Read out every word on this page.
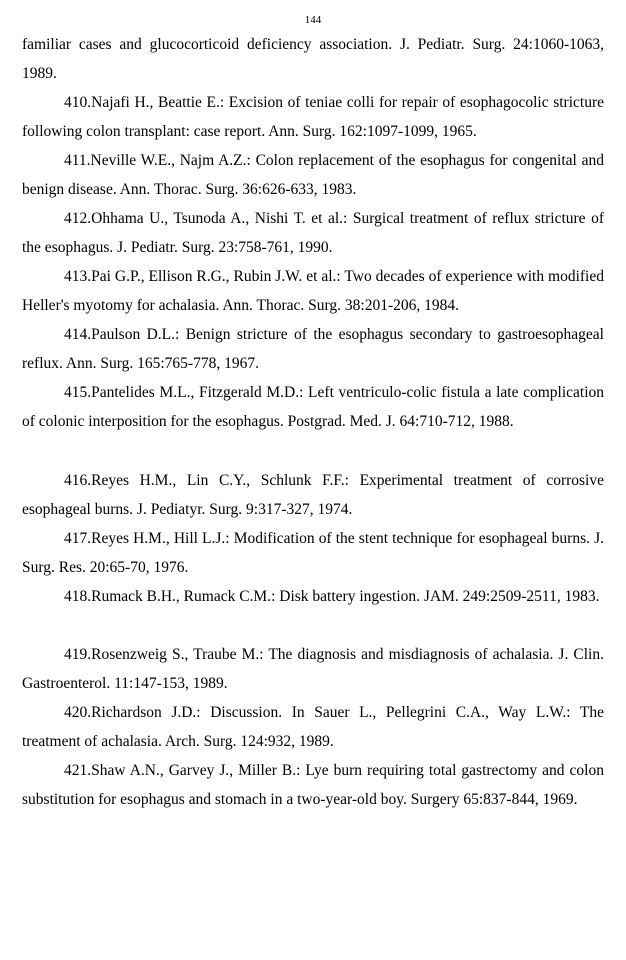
144

familiar cases and glucocorticoid deficiency association. J. Pediatr. Surg. 24:1060-1063, 1989.

410.Najafi H., Beattie E.: Excision of teniae colli for repair of esophagocolic stricture following colon transplant: case report. Ann. Surg. 162:1097-1099, 1965.

411.Neville W.E., Najm A.Z.: Colon replacement of the esophagus for congenital and benign disease. Ann. Thorac. Surg. 36:626-633, 1983.

412.Ohhama U., Tsunoda A., Nishi T. et al.: Surgical treatment of reflux stricture of the esophagus. J. Pediatr. Surg. 23:758-761, 1990.

413.Pai G.P., Ellison R.G., Rubin J.W. et al.: Two decades of experience with modified Heller's myotomy for achalasia. Ann. Thorac. Surg. 38:201-206, 1984.

414.Paulson D.L.: Benign stricture of the esophagus secondary to gastroesophageal reflux. Ann. Surg. 165:765-778, 1967.

415.Pantelides M.L., Fitzgerald M.D.: Left ventriculo-colic fistula a late complication of colonic interposition for the esophagus. Postgrad. Med. J. 64:710-712, 1988.

416.Reyes H.M., Lin C.Y., Schlunk F.F.: Experimental treatment of corrosive esophageal burns. J. Pediatyr. Surg. 9:317-327, 1974.

417.Reyes H.M., Hill L.J.: Modification of the stent technique for esophageal burns. J. Surg. Res. 20:65-70, 1976.

418.Rumack B.H., Rumack C.M.: Disk battery ingestion. JAM. 249:2509-2511, 1983.

419.Rosenzweig S., Traube M.: The diagnosis and misdiagnosis of achalasia. J. Clin. Gastroenterol. 11:147-153, 1989.

420.Richardson J.D.: Discussion. In Sauer L., Pellegrini C.A., Way L.W.: The treatment of achalasia. Arch. Surg. 124:932, 1989.

421.Shaw A.N., Garvey J., Miller B.: Lye burn requiring total gastrectomy and colon substitution for esophagus and stomach in a two-year-old boy. Surgery 65:837-844, 1969.
